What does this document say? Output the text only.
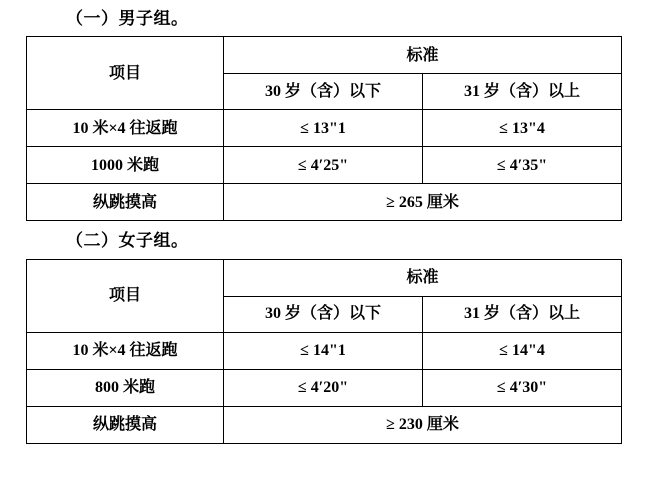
（一）男子组。
项目	标准	
	30 岁（含）以下	31 岁（含）以上
10 米×4 往返跑	≤ 13"1	≤ 13"4
1000 米跑	≤ 4′25"	≤ 4′35"
纵跳摸高	≥ 265 厘米	
（二）女子组。
项目	标准	
	30 岁（含）以下	31 岁（含）以上
10 米×4 往返跑	≤ 14"1	≤ 14"4
800 米跑	≤ 4′20"	≤ 4′30"
纵跳摸高	≥ 230 厘米	
